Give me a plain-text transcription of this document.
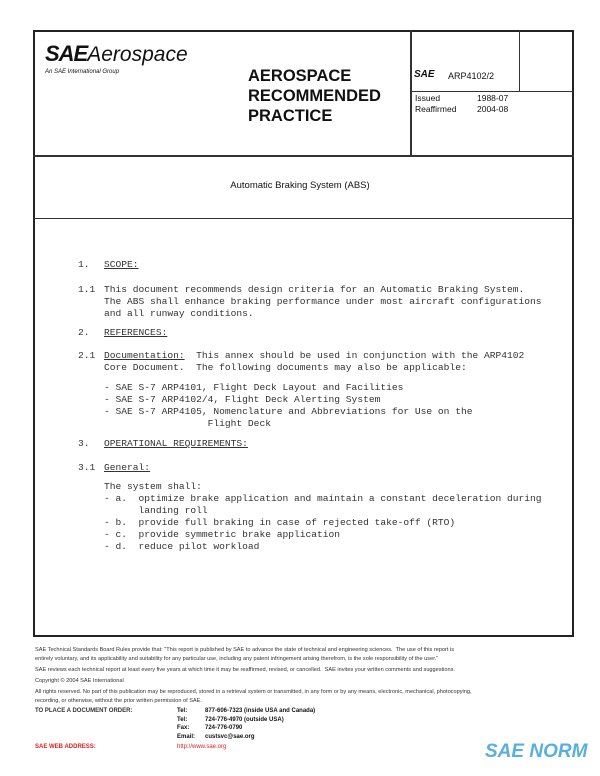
SAEAerospace
An SAE International Group	AEROSPACE
RECOMMENDED
PRACTICE
SAE ARP4102/2
Issued	1988-07
Reaffirmed 2004-08
Automatic Braking System (ABS)
1. SCOPE:
1.1 This document recommends design criteria for an Automatic Braking System.
The ABS shall enhance braking performance under most aircraft configurations
and all runway conditions.
2. REFERENCES:
2.1 Documentation:  This annex should be used in conjunction with the ARP4102
Core Document.  The following documents may also be applicable:
- SAE S-7 ARP4101, Flight Deck Layout and Facilities
- SAE S-7 ARP4102/4, Flight Deck Alerting System
- SAE S-7 ARP4105, Nomenclature and Abbreviations for Use on the
Flight Deck
3. OPERATIONAL REQUIREMENTS:
3.1 General:
The system shall:
- a.  optimize brake application and maintain a constant deceleration during
landing roll
- b.  provide full braking in case of rejected take-off (RTO)
- c.  provide symmetric brake application
- d.  reduce pilot workload
SAE Technical Standards Board Rules provide that: "This report is published by SAE to advance the state of technical and engineering sciences.  The use of this report is
entirely voluntary, and its applicability and suitability for any particular use, including any patent infringement arising therefrom, is the sole responsibility of the user."
SAE reviews each technical report at least every five years at which time it may be reaffirmed, revised, or cancelled.  SAE invites your written comments and suggestions.
Copyright © 2004 SAE International
All rights reserved. No part of this publication may be reproduced, stored in a retrieval system or transmitted, in any form or by any means, electronic, mechanical, photocopying,
recording, or otherwise, without the prior written permission of SAE.
TO PLACE A DOCUMENT ORDER:	Tel:	877-606-7323 (inside USA and Canada)
Tel:	724-776-4970 (outside USA)
Fax:	724-776-0790
Email: custsvc@sae.org
SAE WEB ADDRESS:	http://www.sae.org	SAE NORM
